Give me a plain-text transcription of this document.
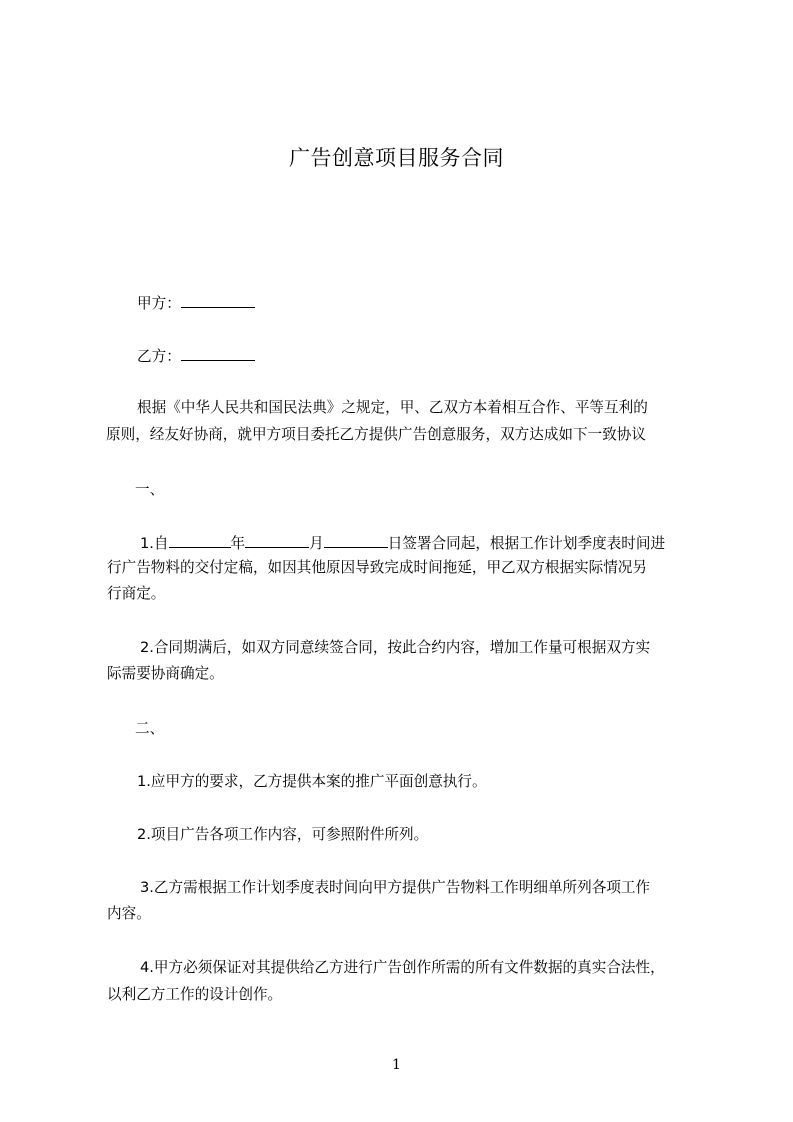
广告创意项目服务合同
甲方：
乙方：
根据《中华人民共和国民法典》之规定，甲、乙双方本着相互合作、平等互利的
原则，经友好协商，就甲方项目委托乙方提供广告创意服务，双方达成如下一致协议
一、
1.自	年	月	日签署合同起，根据工作计划季度表时间进
行广告物料的交付定稿，如因其他原因导致完成时间拖延，甲乙双方根据实际情况另
行商定。
2.合同期满后，如双方同意续签合同，按此合约内容，增加工作量可根据双方实
际需要协商确定。
二、
1.应甲方的要求，乙方提供本案的推广平面创意执行。
2.项目广告各项工作内容，可参照附件所列。
3.乙方需根据工作计划季度表时间向甲方提供广告物料工作明细单所列各项工作
内容。
4.甲方必须保证对其提供给乙方进行广告创作所需的所有文件数据的真实合法性，
以利乙方工作的设计创作。
1
